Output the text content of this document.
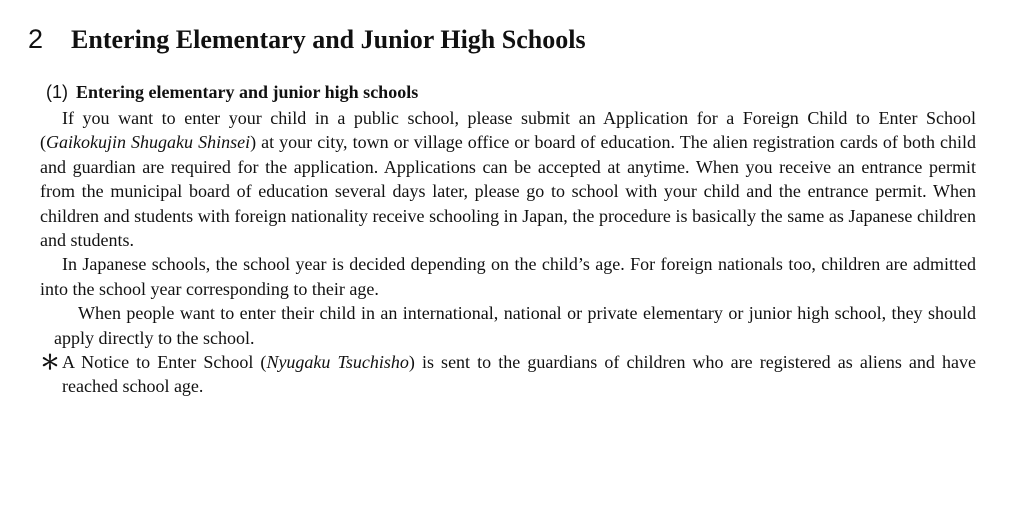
2 Entering Elementary and Junior High Schools
(1) Entering elementary and junior high schools

If you want to enter your child in a public school, please submit an Application for a Foreign Child to Enter School (Gaikokujin Shugaku Shinsei) at your city, town or village office or board of education. The alien registration cards of both child and guardian are required for the application. Applications can be accepted at anytime. When you receive an entrance permit from the municipal board of education several days later, please go to school with your child and the entrance permit. When children and students with foreign nationality receive schooling in Japan, the procedure is basically the same as Japanese children and students.

In Japanese schools, the school year is decided depending on the child’s age. For foreign nationals too, children are admitted into the school year corresponding to their age.

When people want to enter their child in an international, national or private elementary or junior high school, they should apply directly to the school.

＊ A Notice to Enter School (Nyugaku Tsuchisho) is sent to the guardians of children who are registered as aliens and have reached school age.
